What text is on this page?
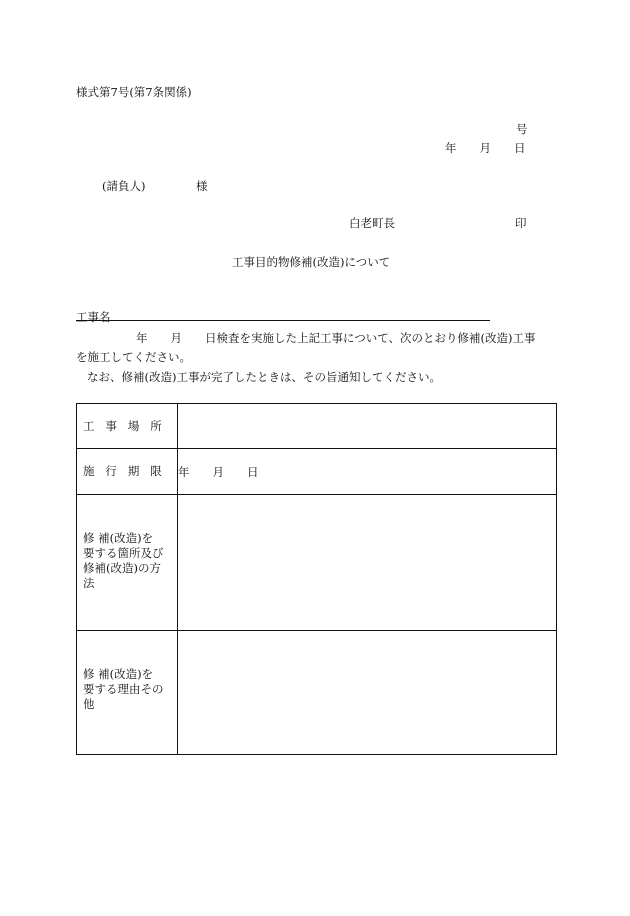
様式第7号(第7条関係)
号
年　　月　　日
(請負人)	様
白老町長	印
工事目的物修補(改造)について
工事名
年　　月　　日検査を実施した上記工事について、次のとおり修補(改造)工事
を施工してください。
なお、修補(改造)工事が完了したときは、その旨通知してください。
工事場所	
施行期限	年　　月　　日

修 補(改造)を
要する箇所及び
修補(改造)の方
法	

修 補(改造)を
要する理由その
他	
